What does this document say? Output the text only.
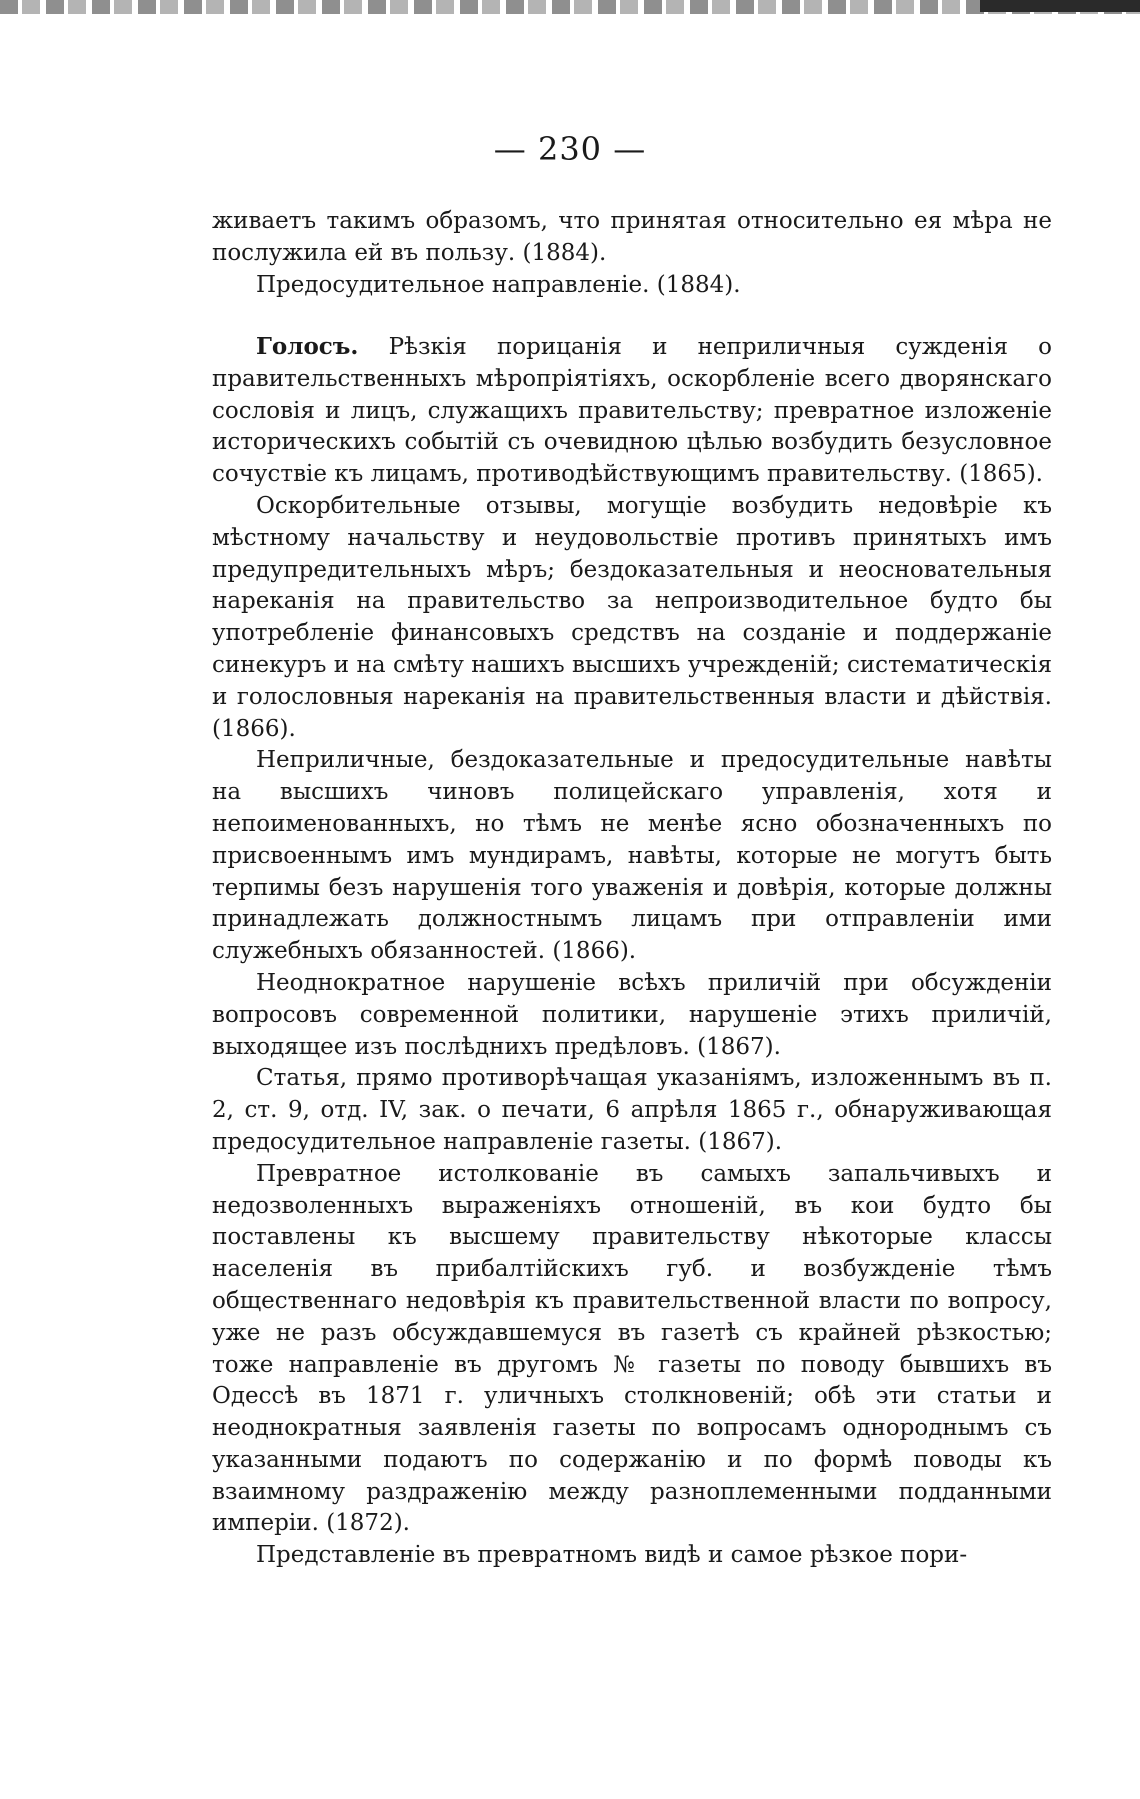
— 230 —

живаетъ такимъ образомъ, что принятая относительно ея мѣра не послужила ей въ пользу. (1884).

Предосудительное направленіе. (1884).

Голосъ. Рѣзкія порицанія и неприличныя сужденія о правительственныхъ мѣропріятіяхъ, оскорбленіе всего дворянскаго сословія и лицъ, служащихъ правительству; превратное изложеніе историческихъ событій съ очевидною цѣлью возбудить безусловное сочуствіе къ лицамъ, противодѣйствующимъ правительству. (1865).

Оскорбительные отзывы, могущіе возбудить недовѣріе къ мѣстному начальству и неудовольствіе противъ принятыхъ имъ предупредительныхъ мѣръ; бездоказательныя и неосновательныя нареканія на правительство за непроизводительное будто бы употребленіе финансовыхъ средствъ на созданіе и поддержаніе синекуръ и на смѣту нашихъ высшихъ учрежденій; систематическія и голословныя нареканія на правительственныя власти и дѣйствія. (1866).

Неприличные, бездоказательные и предосудительные навѣты на высшихъ чиновъ полицейскаго управленія, хотя и непоименованныхъ, но тѣмъ не менѣе ясно обозначенныхъ по присвоеннымъ имъ мундирамъ, навѣты, которые не могутъ быть терпимы безъ нарушенія того уваженія и довѣрія, которые должны принадлежать должностнымъ лицамъ при отправленіи ими служебныхъ обязанностей. (1866).

Неоднократное нарушеніе всѣхъ приличій при обсужденіи вопросовъ современной политики, нарушеніе этихъ приличій, выходящее изъ послѣднихъ предѣловъ. (1867).

Статья, прямо противорѣчащая указаніямъ, изложеннымъ въ п. 2, ст. 9, отд. IV, зак. о печати, 6 апрѣля 1865 г., обнаруживающая предосудительное направленіе газеты. (1867).

Превратное истолкованіе въ самыхъ запальчивыхъ и недозволенныхъ выраженіяхъ отношеній, въ кои будто бы поставлены къ высшему правительству нѣкоторые классы населенія въ прибалтійскихъ губ. и возбужденіе тѣмъ общественнаго недовѣрія къ правительственной власти по вопросу, уже не разъ обсуждавшемуся въ газетѣ съ крайней рѣзкостью; тоже направленіе въ другомъ № газеты по поводу бывшихъ въ Одессѣ въ 1871 г. уличныхъ столкновеній; обѣ эти статьи и неоднократныя заявленія газеты по вопросамъ однороднымъ съ указанными подаютъ по содержанію и по формѣ поводы къ взаимному раздраженію между разноплеменными подданными имперіи. (1872).

Представленіе въ превратномъ видѣ и самое рѣзкое пори-
